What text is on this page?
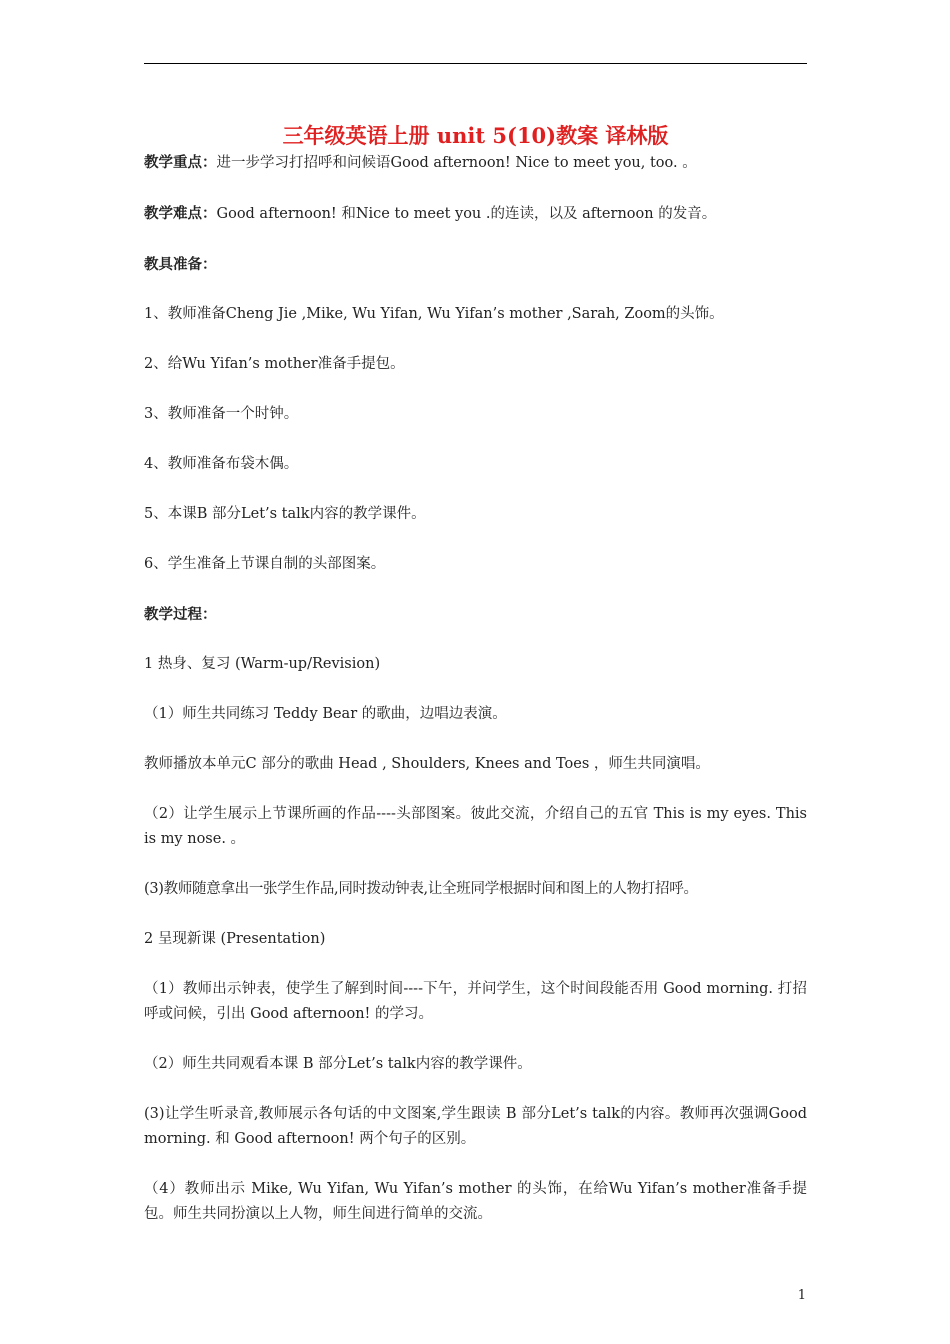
三年级英语上册 unit 5(10)教案 译林版

教学重点：进一步学习打招呼和问候语Good afternoon! Nice to meet you, too. 。

教学难点：Good afternoon! 和Nice to meet you .的连读，以及 afternoon 的发音。

教具准备：

1、教师准备Cheng Jie ,Mike, Wu Yifan, Wu Yifan’s mother ,Sarah, Zoom的头饰。

2、给Wu Yifan’s mother准备手提包。

3、教师准备一个时钟。

4、教师准备布袋木偶。

5、本课B 部分Let’s talk内容的教学课件。

6、学生准备上节课自制的头部图案。

教学过程：

1 热身、复习 (Warm-up/Revision)

（1）师生共同练习 Teddy Bear 的歌曲，边唱边表演。

教师播放本单元C 部分的歌曲 Head , Shoulders, Knees and Toes ，师生共同演唱。

（2）让学生展示上节课所画的作品----头部图案。彼此交流，介绍自己的五官 This is my eyes. This is my nose. 。

(3)教师随意拿出一张学生作品,同时拨动钟表,让全班同学根据时间和图上的人物打招呼。

2 呈现新课 (Presentation)

（1）教师出示钟表，使学生了解到时间----下午，并问学生，这个时间段能否用 Good morning. 打招呼或问候，引出 Good afternoon! 的学习。

（2）师生共同观看本课 B 部分Let’s talk内容的教学课件。

(3)让学生听录音,教师展示各句话的中文图案,学生跟读 B 部分Let’s talk的内容。教师再次强调Good morning. 和 Good afternoon! 两个句子的区别。

（4）教师出示 Mike, Wu Yifan, Wu Yifan’s mother 的头饰，在给Wu Yifan’s mother准备手提包。师生共同扮演以上人物，师生间进行简单的交流。

1
